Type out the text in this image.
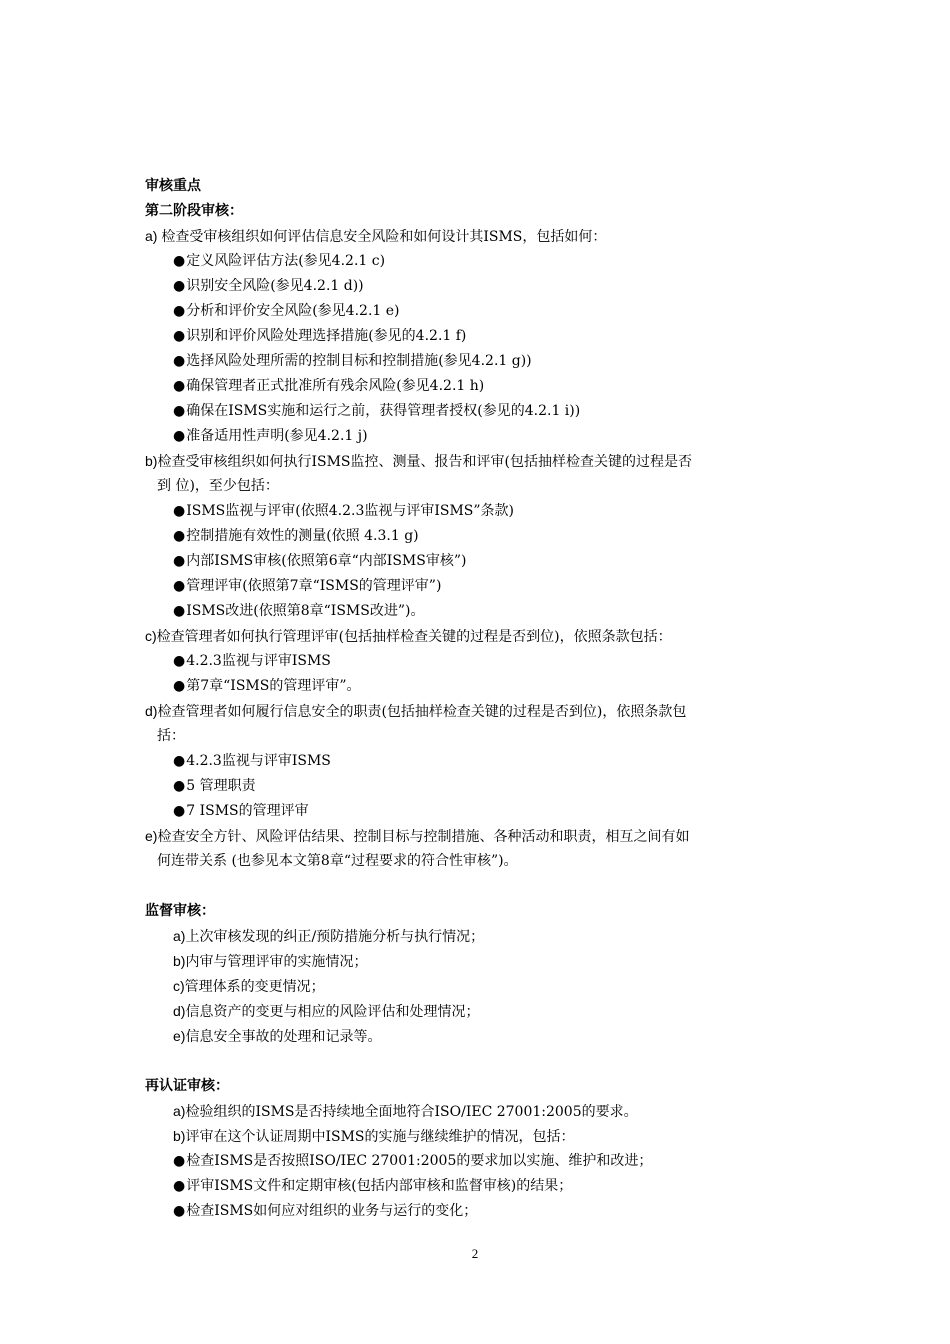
审核重点
第二阶段审核：
a) 检查受审核组织如何评估信息安全风险和如何设计其ISMS，包括如何：
●定义风险评估方法(参见4.2.1 c)
●识别安全风险(参见4.2.1 d))
●分析和评价安全风险(参见4.2.1 e)
●识别和评价风险处理选择措施(参见的4.2.1 f)
●选择风险处理所需的控制目标和控制措施(参见4.2.1 g))
●确保管理者正式批准所有残余风险(参见4.2.1 h)
●确保在ISMS实施和运行之前，获得管理者授权(参见的4.2.1 i))
●准备适用性声明(参见4.2.1 j)
b)检查受审核组织如何执行ISMS监控、测量、报告和评审(包括抽样检查关键的过程是否
到 位)，至少包括：
●ISMS监视与评审(依照4.2.3监视与评审ISMS”条款)
●控制措施有效性的测量(依照 4.3.1 g)
●内部ISMS审核(依照第6章“内部ISMS审核”)
●管理评审(依照第7章“ISMS的管理评审”)
●ISMS改进(依照第8章“ISMS改进”)。
c)检查管理者如何执行管理评审(包括抽样检查关键的过程是否到位)，依照条款包括：
●4.2.3监视与评审ISMS
●第7章“ISMS的管理评审”。
d)检查管理者如何履行信息安全的职责(包括抽样检查关键的过程是否到位)，依照条款包
括：
●4.2.3监视与评审ISMS
●5 管理职责
●7 ISMS的管理评审
e)检查安全方针、风险评估结果、控制目标与控制措施、各种活动和职责，相互之间有如
何连带关系 (也参见本文第8章“过程要求的符合性审核”)。
监督审核：
a)上次审核发现的纠正/预防措施分析与执行情况；
b)内审与管理评审的实施情况；
c)管理体系的变更情况；
d)信息资产的变更与相应的风险评估和处理情况；
e)信息安全事故的处理和记录等。
再认证审核：
a)检验组织的ISMS是否持续地全面地符合ISO/IEC 27001:2005的要求。
b)评审在这个认证周期中ISMS的实施与继续维护的情况，包括：
●检查ISMS是否按照ISO/IEC 27001:2005的要求加以实施、维护和改进；
●评审ISMS文件和定期审核(包括内部审核和监督审核)的结果；
●检查ISMS如何应对组织的业务与运行的变化；
2
